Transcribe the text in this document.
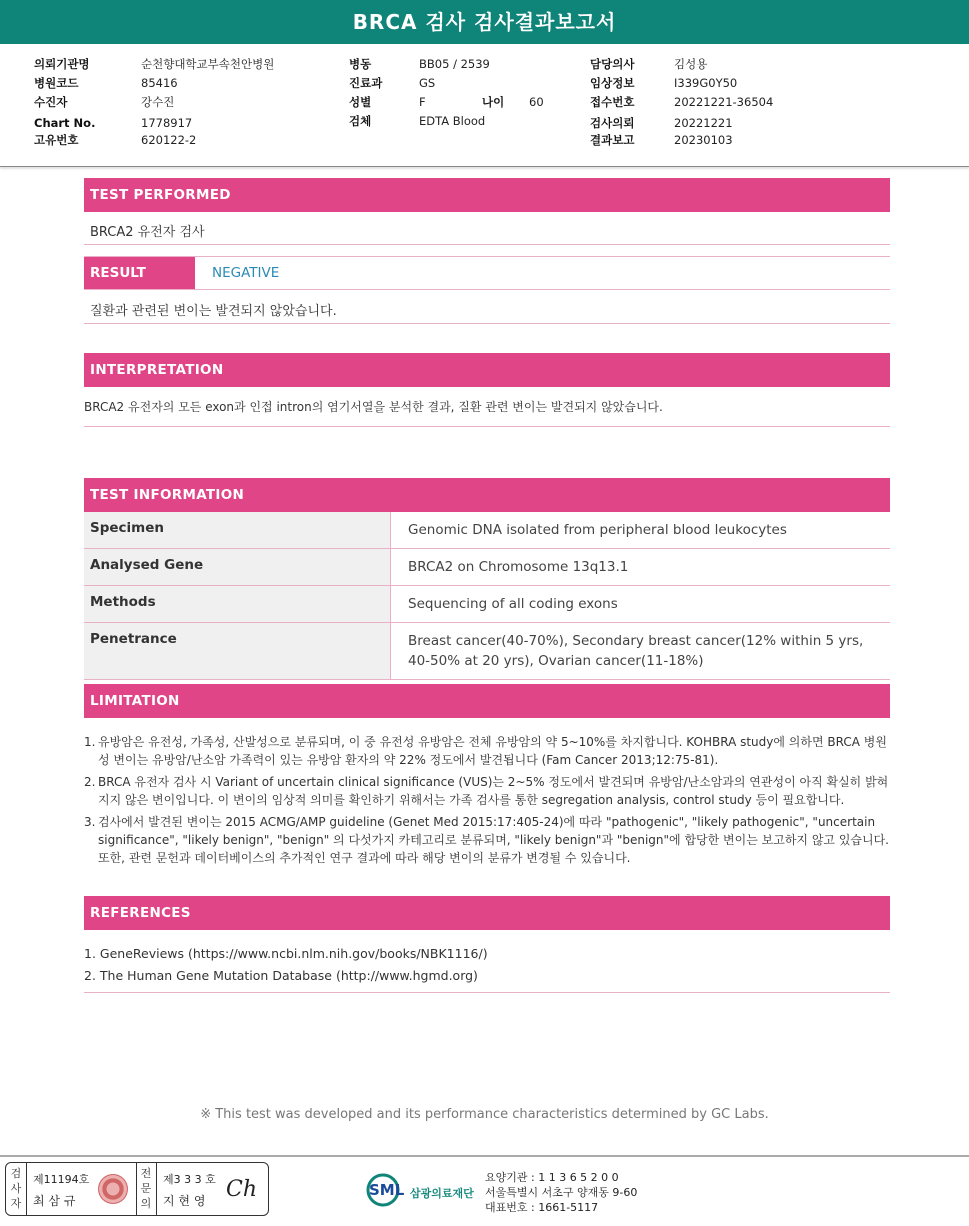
BRCA 검사 검사결과보고서
의뢰기관명	순천향대학교부속천안병원
병원코드	85416
수진자	강수진
Chart No.	1778917
고유번호	620122-2
병동	BB05 / 2539
진료과	GS
성별	F	나이 60
검체	EDTA Blood
담당의사	김성용
임상정보	I339G0Y50
접수번호	20221221-36504
검사의뢰	20221221
결과보고	20230103
TEST PERFORMED
BRCA2 유전자 검사
RESULT	NEGATIVE
질환과 관련된 변이는 발견되지 않았습니다.
INTERPRETATION
BRCA2 유전자의 모든 exon과 인접 intron의 염기서열을 분석한 결과, 질환 관련 변이는 발견되지 않았습니다.
TEST INFORMATION
Specimen	Genomic DNA isolated from peripheral blood leukocytes
Analysed Gene	BRCA2 on Chromosome 13q13.1
Methods	Sequencing of all coding exons
Penetrance	Breast cancer(40-70%), Secondary breast cancer(12% within 5 yrs, 40-50% at 20 yrs), Ovarian cancer(11-18%)
LIMITATION
1. 유방암은 유전성, 가족성, 산발성으로 분류되며, 이 중 유전성 유방암은 전체 유방암의 약 5~10%를 차지합니다. KOHBRA study에 의하면 BRCA 병원성 변이는 유방암/난소암 가족력이 있는 유방암 환자의 약 22% 정도에서 발견됩니다 (Fam Cancer 2013;12:75-81).
2. BRCA 유전자 검사 시 Variant of uncertain clinical significance (VUS)는 2~5% 정도에서 발견되며 유방암/난소암과의 연관성이 아직 확실히 밝혀지지 않은 변이입니다. 이 변이의 임상적 의미를 확인하기 위해서는 가족 검사를 통한 segregation analysis, control study 등이 필요합니다.
3. 검사에서 발견된 변이는 2015 ACMG/AMP guideline (Genet Med 2015:17:405-24)에 따라 "pathogenic", "likely pathogenic", "uncertain significance", "likely benign", "benign" 의 다섯가지 카테고리로 분류되며, "likely benign"과 "benign"에 합당한 변이는 보고하지 않고 있습니다. 또한, 관련 문헌과 데이터베이스의 추가적인 연구 결과에 따라 해당 변이의 분류가 변경될 수 있습니다.
REFERENCES
1. GeneReviews (https://www.ncbi.nlm.nih.gov/books/NBK1116/)
2. The Human Gene Mutation Database (http://www.hgmd.org)
※ This test was developed and its performance characteristics determined by GC Labs.
검사자
제11194호
최 삼 규
전문의
제3 3 3 호
지 현 영 Ch	SML 삼광의료재단
요양기관 : 1 1 3 6 5 2 0 0
서울특별시 서초구 양재동 9-60
대표번호 : 1661-5117
